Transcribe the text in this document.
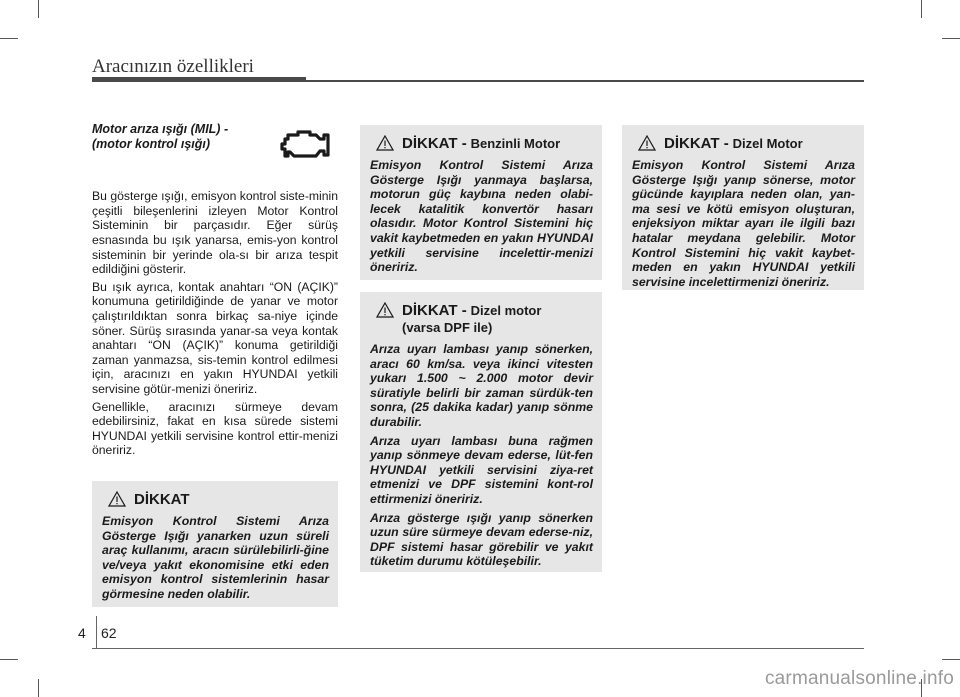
Aracınızın özellikleri
Motor arıza ışığı (MIL) - (motor kontrol ışığı)

Bu gösterge ışığı, emisyon kontrol siste-minin çeşitli bileşenlerini izleyen Motor Kontrol Sisteminin bir parçasıdır. Eğer sürüş esnasında bu ışık yanarsa, emis-yon kontrol sisteminin bir yerinde ola-sı bir arıza tespit edildiğini gösterir.

Bu ışık ayrıca, kontak anahtarı “ON (AÇIK)” konumuna getirildiğinde de yanar ve motor çalıştırıldıktan sonra birkaç sa-niye içinde söner. Sürüş sırasında yanar-sa veya kontak anahtarı “ON (AÇIK)” konuma getirildiği zaman yanmazsa, sis-temin kontrol edilmesi için, aracınızı en yakın HYUNDAI yetkili servisine götür-menizi öneririz.

Genellikle, aracınızı sürmeye devam edebilirsiniz, fakat en kısa sürede sistemi HYUNDAI yetkili servisine kontrol ettir-menizi öneririz.

DİKKAT
Emisyon Kontrol Sistemi Arıza Gösterge Işığı yanarken uzun süreli araç kullanımı, aracın sürülebilirli-ğine ve/veya yakıt ekonomisine etki eden emisyon kontrol sistemlerinin hasar görmesine neden olabilir.
DİKKAT - Benzinli Motor
Emisyon Kontrol Sistemi Arıza Gösterge Işığı yanmaya başlarsa, motorun güç kaybına neden olabi-lecek katalitik konvertör hasarı olasıdır. Motor Kontrol Sistemini hiç vakit kaybetmeden en yakın HYUNDAI yetkili servisine incelettir-menizi öneririz.
DİKKAT - Dizel motor
(varsa DPF ile)

Arıza uyarı lambası yanıp sönerken, aracı 60 km/sa. veya ikinci vitesten yukarı 1.500 ~ 2.000 motor devir süratiyle belirli bir zaman sürdük-ten sonra, (25 dakika kadar) yanıp sönme durabilir.

Arıza uyarı lambası buna rağmen yanıp sönmeye devam ederse, lüt-fen HYUNDAI yetkili servisini ziya-ret etmenizi ve DPF sistemini kont-rol ettirmenizi öneririz.

Arıza gösterge ışığı yanıp sönerken uzun süre sürmeye devam ederse-niz, DPF sistemi hasar görebilir ve yakıt tüketim durumu kötüleşebilir.

DİKKAT - Dizel Motor
Emisyon Kontrol Sistemi Arıza Gösterge Işığı yanıp sönerse, motor gücünde kayıplara neden olan, yan-ma sesi ve kötü emisyon oluşturan, enjeksiyon miktar ayarı ile ilgili bazı hatalar meydana gelebilir. Motor Kontrol Sistemini hiç vakit kaybet-meden en yakın HYUNDAI yetkili servisine incelettirmenizi öneririz.
4 62
carmanualsonline.info
